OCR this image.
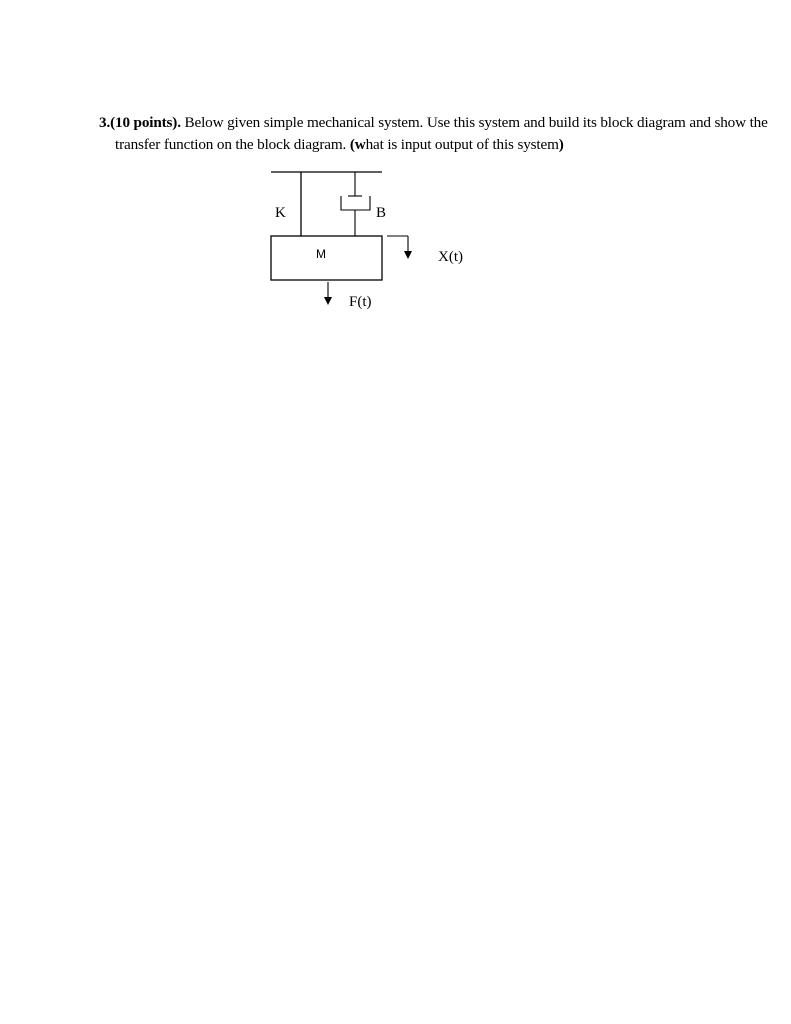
3.(10 points). Below given simple mechanical system. Use this system and build its block diagram and show the
transfer function on the block diagram. (what is input output of this system)
K	B
M	X(t)
F(t)
